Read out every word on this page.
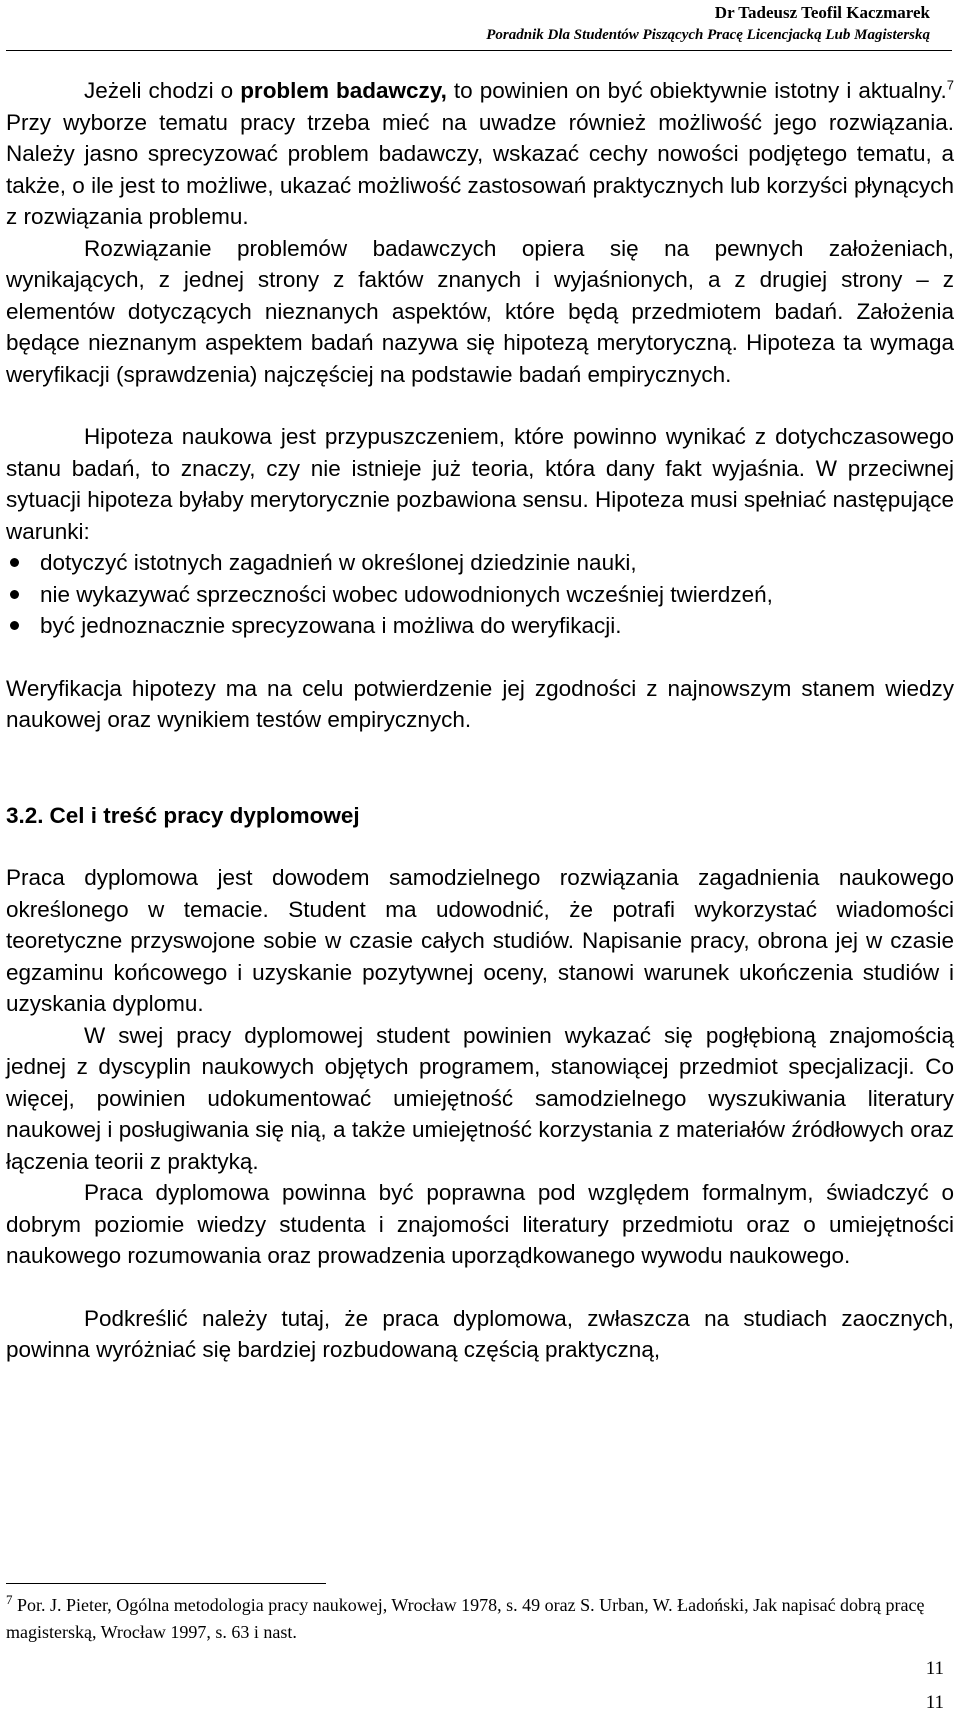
Dr Tadeusz Teofil Kaczmarek
Poradnik Dla Studentów Piszących Pracę Licencjacką Lub Magisterską

Jeżeli chodzi o problem badawczy, to powinien on być obiektywnie istotny i aktualny.$^7$ Przy wyborze tematu pracy trzeba mieć na uwadze również możliwość jego rozwiązania. Należy jasno sprecyzować problem badawczy, wskazać cechy nowości podjętego tematu, a także, o ile jest to możliwe, ukazać możliwość zastosowań praktycznych lub korzyści płynących z rozwiązania problemu.

Rozwiązanie problemów badawczych opiera się na pewnych założeniach, wynikających, z jednej strony z faktów znanych i wyjaśnionych, a z drugiej strony – z elementów dotyczących nieznanych aspektów, które będą przedmiotem badań. Założenia będące nieznanym aspektem badań nazywa się hipotezą merytoryczną. Hipoteza ta wymaga weryfikacji (sprawdzenia) najczęściej na podstawie badań empirycznych.

Hipoteza naukowa jest przypuszczeniem, które powinno wynikać z dotychczasowego stanu badań, to znaczy, czy nie istnieje już teoria, która dany fakt wyjaśnia. W przeciwnej sytuacji hipoteza byłaby merytorycznie pozbawiona sensu. Hipoteza musi spełniać następujące warunki:

dotyczyć istotnych zagadnień w określonej dziedzinie nauki,
nie wykazywać sprzeczności wobec udowodnionych wcześniej twierdzeń,
być jednoznacznie sprecyzowana i możliwa do weryfikacji.

Weryfikacja hipotezy ma na celu potwierdzenie jej zgodności z najnowszym stanem wiedzy naukowej oraz wynikiem testów empirycznych.

3.2. Cel i treść pracy dyplomowej

Praca dyplomowa jest dowodem samodzielnego rozwiązania zagadnienia naukowego określonego w temacie. Student ma udowodnić, że potrafi wykorzystać wiadomości teoretyczne przyswojone sobie w czasie całych studiów. Napisanie pracy, obrona jej w czasie egzaminu końcowego i uzyskanie pozytywnej oceny, stanowi warunek ukończenia studiów i uzyskania dyplomu.

W swej pracy dyplomowej student powinien wykazać się pogłębioną znajomością jednej z dyscyplin naukowych objętych programem, stanowiącej przedmiot specjalizacji. Co więcej, powinien udokumentować umiejętność samodzielnego wyszukiwania literatury naukowej i posługiwania się nią, a także umiejętność korzystania z materiałów źródłowych oraz łączenia teorii z praktyką.

Praca dyplomowa powinna być poprawna pod względem formalnym, świadczyć o dobrym poziomie wiedzy studenta i znajomości literatury przedmiotu oraz o umiejętności naukowego rozumowania oraz prowadzenia uporządkowanego wywodu naukowego.

Podkreślić należy tutaj, że praca dyplomowa, zwłaszcza na studiach zaocznych, powinna wyróżniać się bardziej rozbudowaną częścią praktyczną,

$^7$ Por. J. Pieter, Ogólna metodologia pracy naukowej, Wrocław 1978, s. 49 oraz S. Urban, W. Ładoński, Jak napisać dobrą pracę magisterską, Wrocław 1997, s. 63 i nast.

11
11
